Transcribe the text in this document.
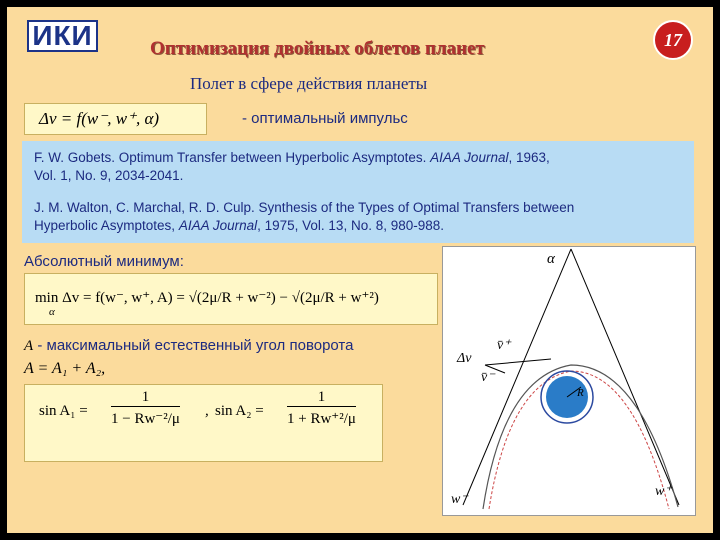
ИКИ	Оптимизация двойных облетов планет	17
Полет в сфере действия планеты
Δv = f(w⁻, w⁺, α)	- оптимальный импульс
F. W. Gobets. Optimum Transfer between Hyperbolic Asymptotes. AIAA Journal, 1963,
Vol. 1, No. 9, 2034-2041.
J. M. Walton, C. Marchal, R. D. Culp. Synthesis of the Types of Optimal Transfers between
Hyperbolic Asymptotes, AIAA Journal, 1975, Vol. 13, No. 8, 980-988.
Абсолютный минимум:
min Δv = f(w⁻, w⁺, A) = √(2μ/R + w⁻²) − √(2μ/R + w⁺²)
α
A - максимальный естественный угол поворота
A = A₁ + A₂,
$\sin A_1 = \frac{1}{\text{1 − Rw⁻²/μ}}$ , $\sin A_2 = \frac{1}{\text{1 + Rw⁺²/μ}}$
α
Δv
v̄⁺
v̄⁻
R
w⁻
w⁺
